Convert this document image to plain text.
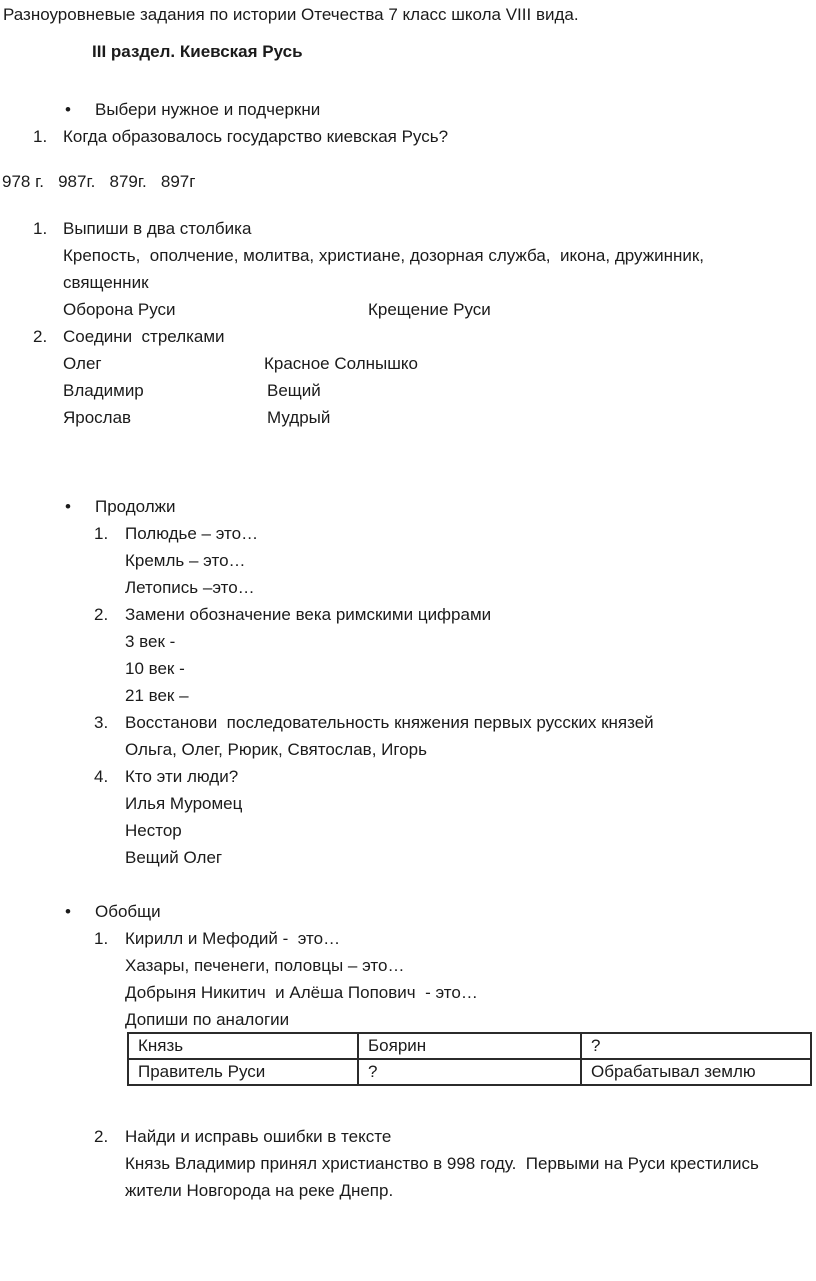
Разноуровневые задания по истории Отечества 7 класс школа VIII вида.
III раздел. Киевская Русь
• Выбери нужное и подчеркни
1. Когда образовалось государство киевская Русь?
978 г.   987г.   879г.   897г
1. Выпиши в два столбика
Крепость,  ополчение, молитва, христиане, дозорная служба,  икона, дружинник,
священник
Оборона Руси	Крещение Руси
2. Соедини  стрелками
Олег	Красное Солнышко
Владимир	Вещий
Ярослав	Мудрый
• Продолжи
1. Полюдье – это…
Кремль – это…
Летопись –это…
2. Замени обозначение века римскими цифрами
3 век -
10 век -
21 век –
3. Восстанови  последовательность княжения первых русских князей
Ольга, Олег, Рюрик, Святослав, Игорь
4. Кто эти люди?
Илья Муромец
Нестор
Вещий Олег
• Обобщи
1. Кирилл и Мефодий -  это…
Хазары, печенеги, половцы – это…
Добрыня Никитич  и Алёша Попович  - это…
Допиши по аналогии
Князь	Боярин	?
Правитель Руси	?	Обрабатывал землю
2. Найди и исправь ошибки в тексте
Князь Владимир принял христианство в 998 году.  Первыми на Руси крестились
жители Новгорода на реке Днепр.
